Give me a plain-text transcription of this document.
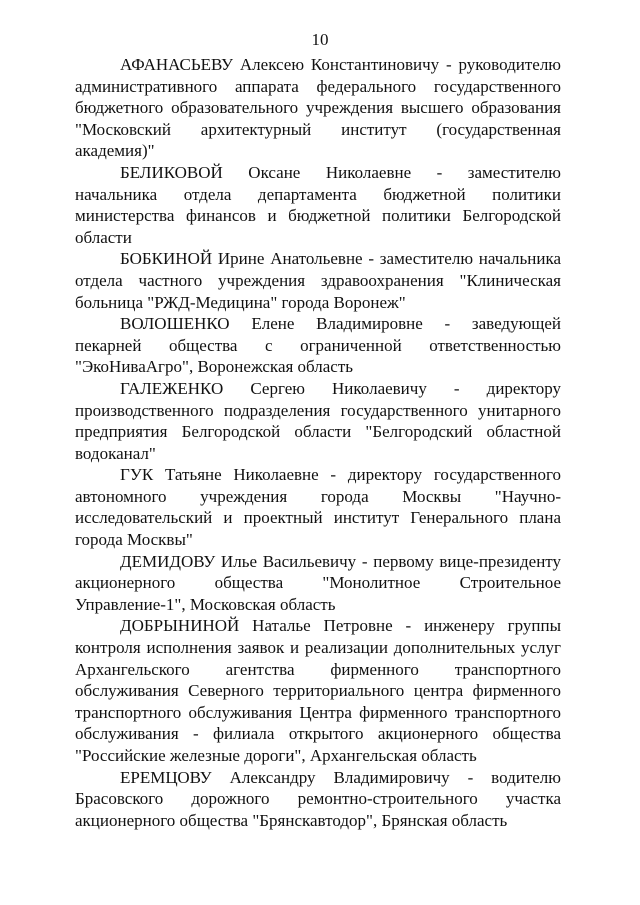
10

АФАНАСЬЕВУ Алексею Константиновичу - руководителю административного аппарата федерального государственного бюджетного образовательного учреждения высшего образования "Московский архитектурный институт (государственная академия)"

БЕЛИКОВОЙ Оксане Николаевне - заместителю начальника отдела департамента бюджетной политики министерства финансов и бюджетной политики Белгородской области

БОБКИНОЙ Ирине Анатольевне - заместителю начальника отдела частного учреждения здравоохранения "Клиническая больница "РЖД-Медицина" города Воронеж"

ВОЛОШЕНКО Елене Владимировне - заведующей пекарней общества с ограниченной ответственностью "ЭкоНиваАгро", Воронежская область

ГАЛЕЖЕНКО Сергею Николаевичу - директору производственного подразделения государственного унитарного предприятия Белгородской области "Белгородский областной водоканал"

ГУК Татьяне Николаевне - директору государственного автономного учреждения города Москвы "Научно-исследовательский и проектный институт Генерального плана города Москвы"

ДЕМИДОВУ Илье Васильевичу - первому вице-президенту акционерного общества "Монолитное Строительное Управление-1", Московская область

ДОБРЫНИНОЙ Наталье Петровне - инженеру группы контроля исполнения заявок и реализации дополнительных услуг Архангельского агентства фирменного транспортного обслуживания Северного территориального центра фирменного транспортного обслуживания Центра фирменного транспортного обслуживания - филиала открытого акционерного общества "Российские железные дороги", Архангельская область

ЕРЕМЦОВУ Александру Владимировичу - водителю Брасовского дорожного ремонтно-строительного участка акционерного общества "Брянскавтодор", Брянская область
